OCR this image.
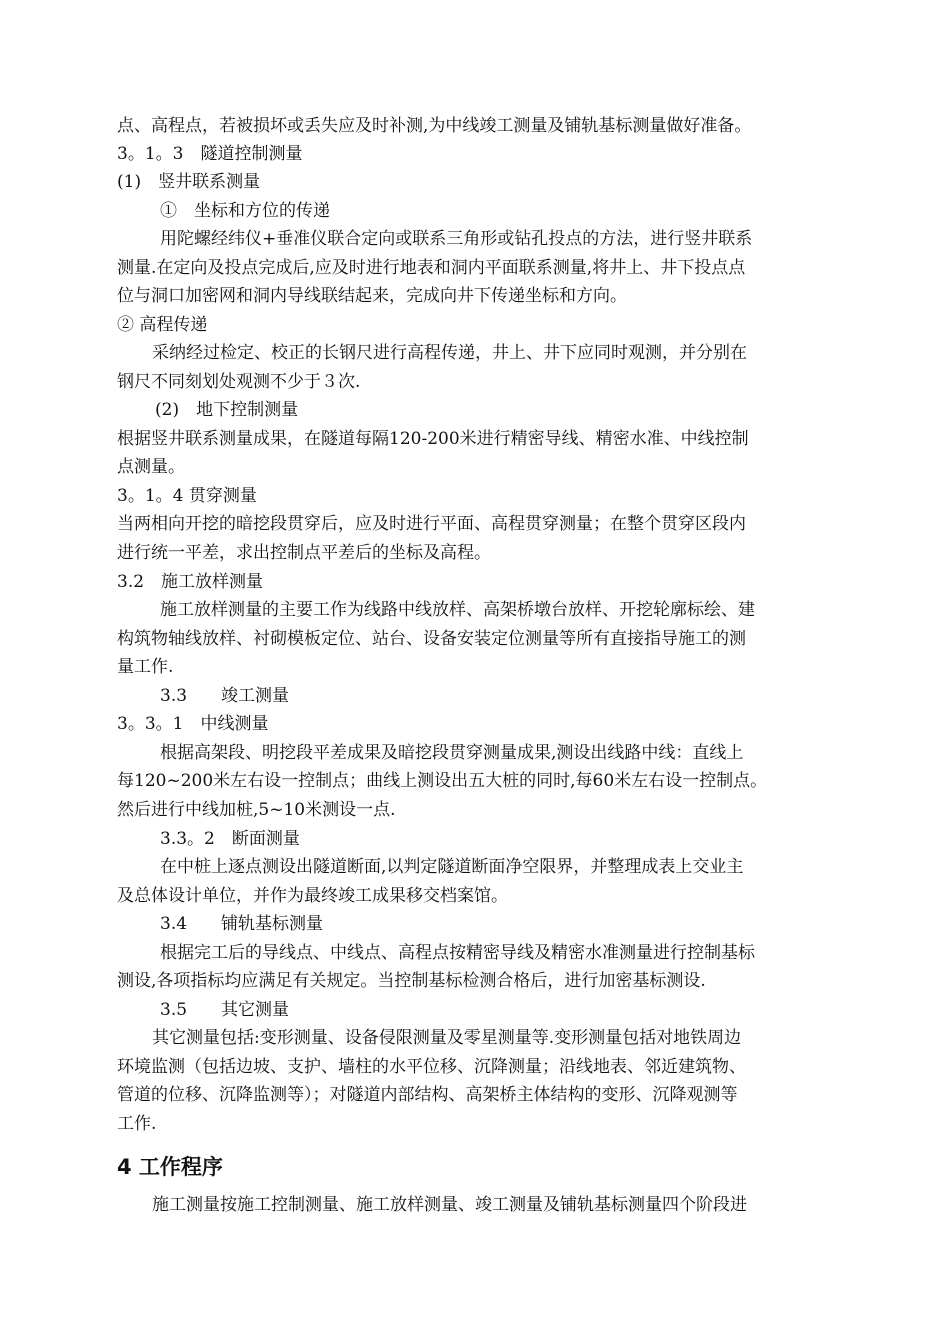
点、高程点，若被损坏或丢失应及时补测,为中线竣工测量及铺轨基标测量做好准备。
3。1。3　隧道控制测量
(1)　竖井联系测量
①　坐标和方位的传递
用陀螺经纬仪+垂准仪联合定向或联系三角形或钻孔投点的方法，进行竖井联系
测量.在定向及投点完成后,应及时进行地表和洞内平面联系测量,将井上、井下投点点
位与洞口加密网和洞内导线联结起来，完成向井下传递坐标和方向。
② 高程传递
采纳经过检定、校正的长钢尺进行高程传递，井上、井下应同时观测，并分别在
钢尺不同刻划处观测不少于３次.
(2)　地下控制测量
根据竖井联系测量成果，在隧道每隔120-200米进行精密导线、精密水准、中线控制
点测量。
3。1。4 贯穿测量
当两相向开挖的暗挖段贯穿后，应及时进行平面、高程贯穿测量；在整个贯穿区段内
进行统一平差，求出控制点平差后的坐标及高程。
3.2　施工放样测量
施工放样测量的主要工作为线路中线放样、高架桥墩台放样、开挖轮廓标绘、建
构筑物轴线放样、衬砌模板定位、站台、设备安装定位测量等所有直接指导施工的测
量工作.
3.3　　竣工测量
3。3。1　中线测量
根据高架段、明挖段平差成果及暗挖段贯穿测量成果,测设出线路中线：直线上
每120~200米左右设一控制点；曲线上测设出五大桩的同时,每60米左右设一控制点。
然后进行中线加桩,5~10米测设一点.
3.3。2　断面测量
在中桩上逐点测设出隧道断面,以判定隧道断面净空限界，并整理成表上交业主
及总体设计单位，并作为最终竣工成果移交档案馆。
3.4　　铺轨基标测量
根据完工后的导线点、中线点、高程点按精密导线及精密水准测量进行控制基标
测设,各项指标均应满足有关规定。当控制基标检测合格后，进行加密基标测设.
3.5　　其它测量
其它测量包括:变形测量、设备侵限测量及零星测量等.变形测量包括对地铁周边
环境监测（包括边坡、支护、墙柱的水平位移、沉降测量；沿线地表、邻近建筑物、
管道的位移、沉降监测等）；对隧道内部结构、高架桥主体结构的变形、沉降观测等
工作.
4 工作程序
施工测量按施工控制测量、施工放样测量、竣工测量及铺轨基标测量四个阶段进
